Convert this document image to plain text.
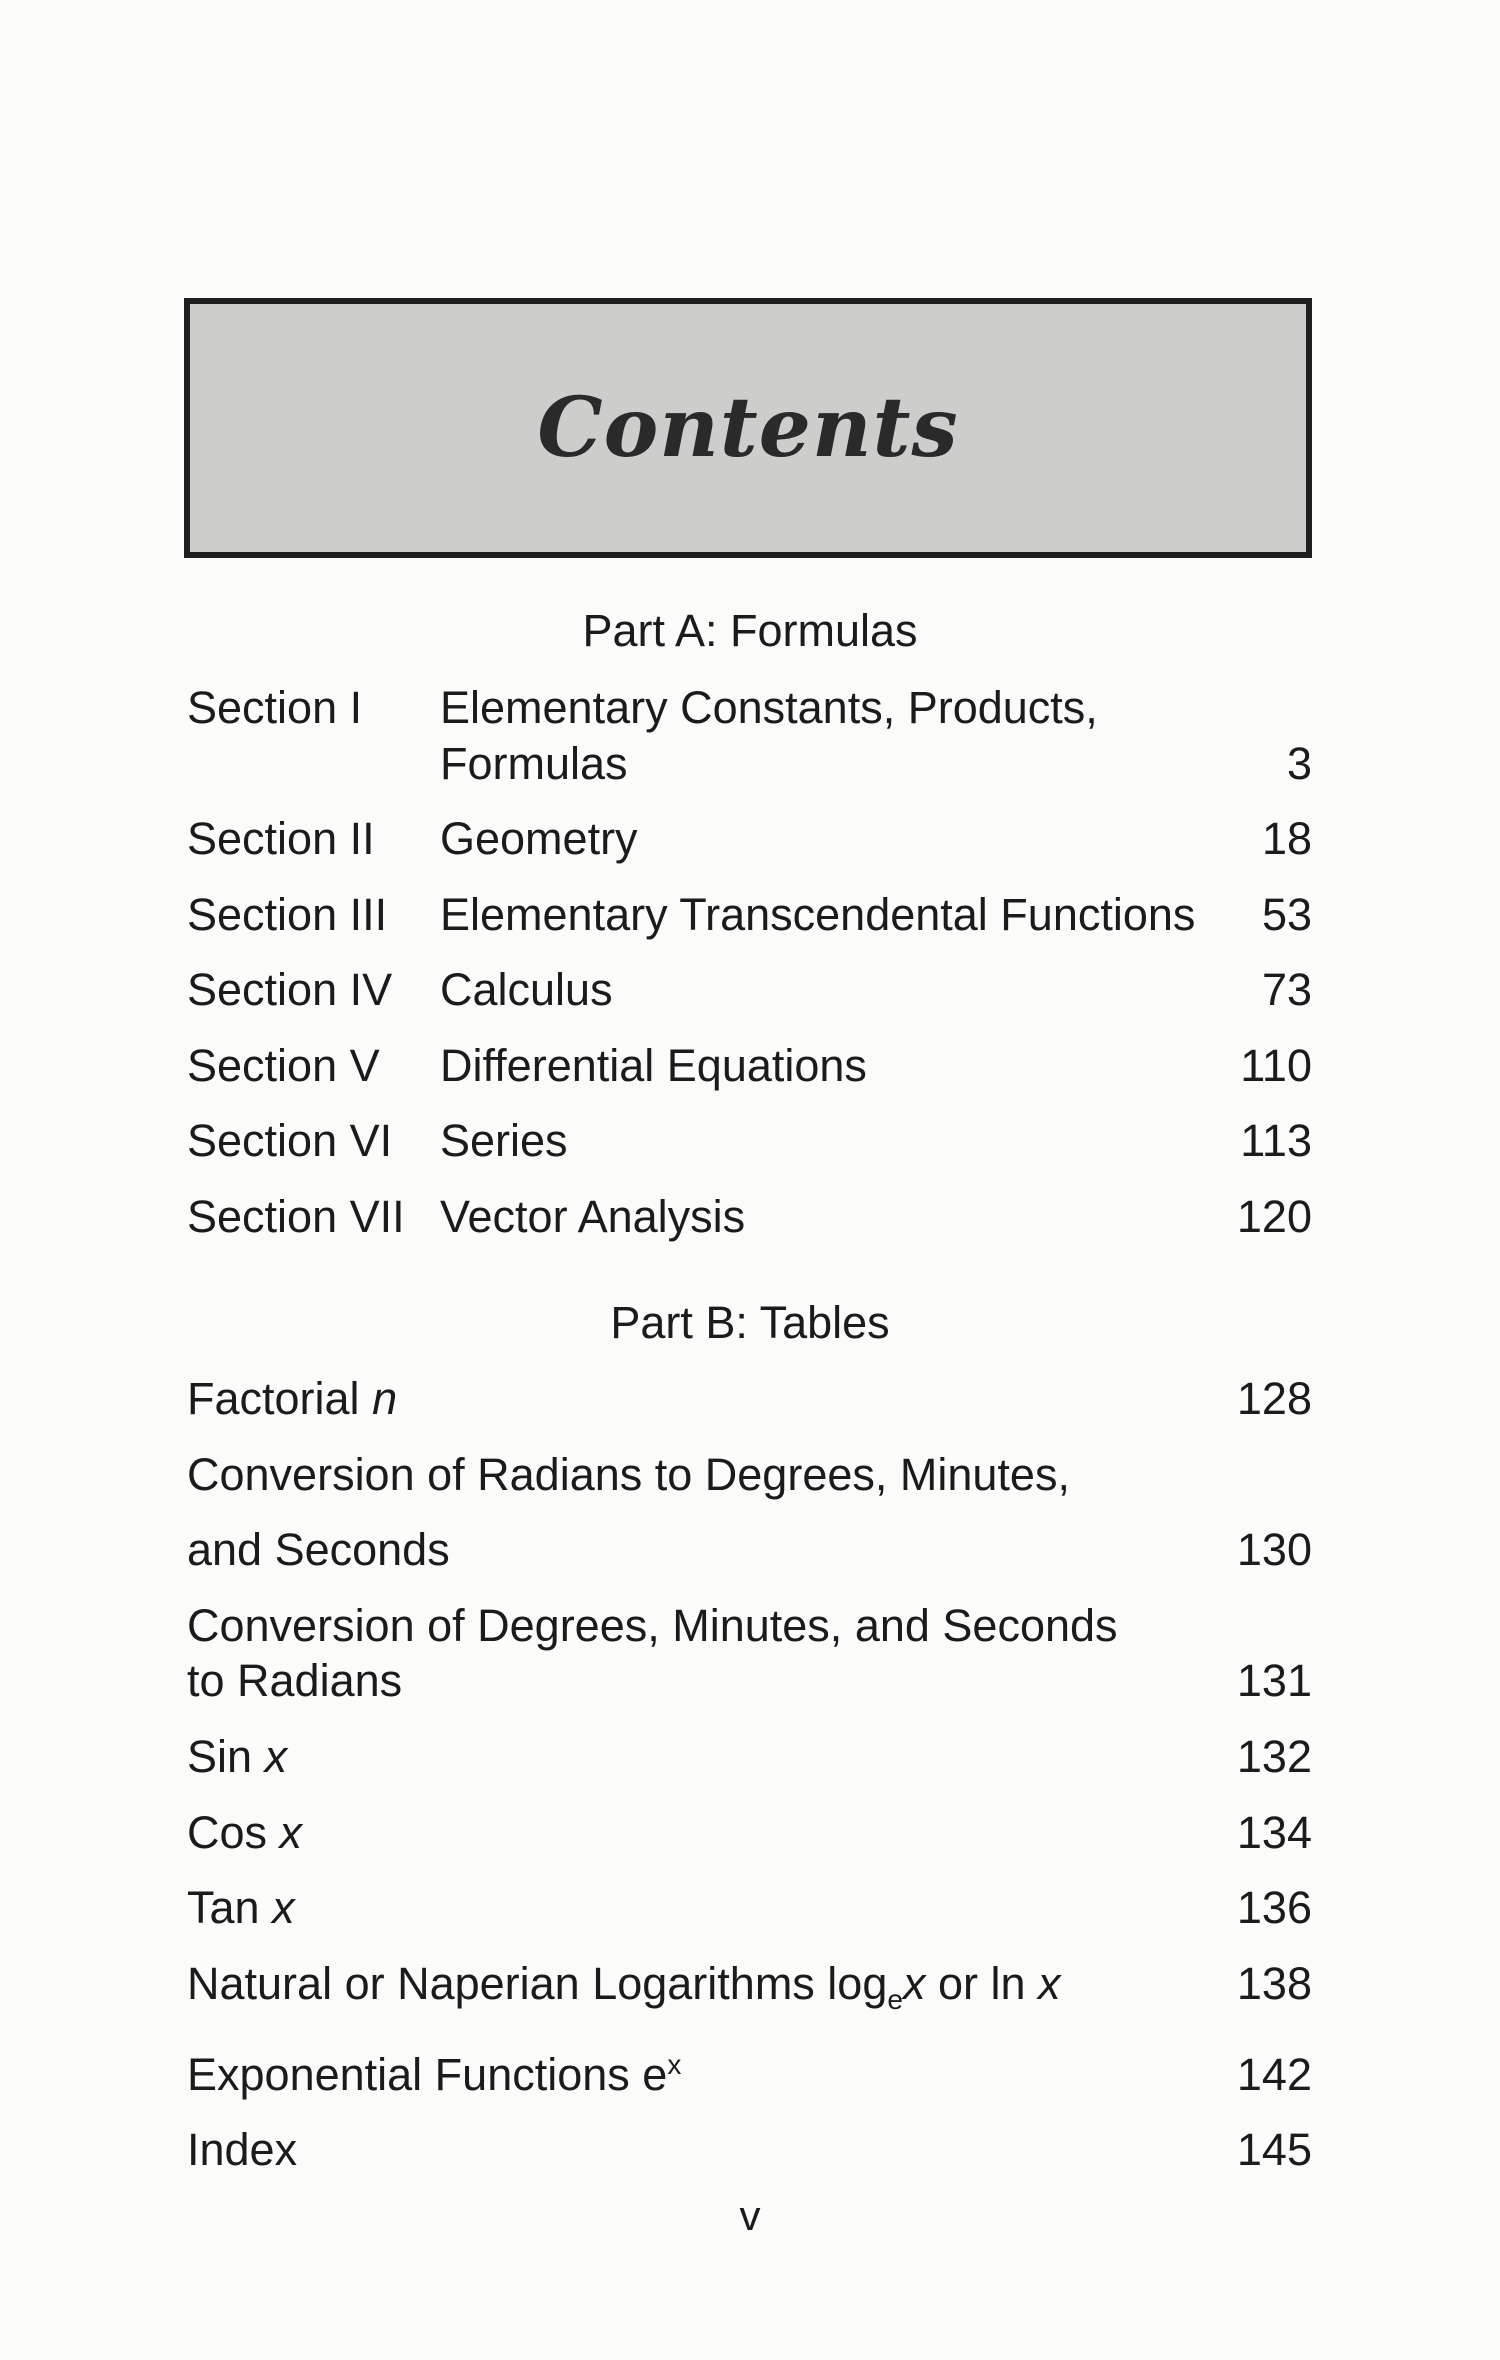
Contents
Part A: Formulas
Section I Elementary Constants, Products,
Formulas	3
Section II Geometry	18
Section III Elementary Transcendental Functions	53
Section IV Calculus	73
Section V Differential Equations	110
Section VI Series	113
Section VII Vector Analysis	120
Part B: Tables
Factorial n	128
Conversion of Radians to Degrees, Minutes,
and Seconds	130
Conversion of Degrees, Minutes, and Seconds
to Radians	131
Sin x	132
Cos x	134
Tan x	136
Natural or Naperian Logarithms $\log_ex$ or ln x	138
Exponential Functions $e^x$	142
Index	145
v
